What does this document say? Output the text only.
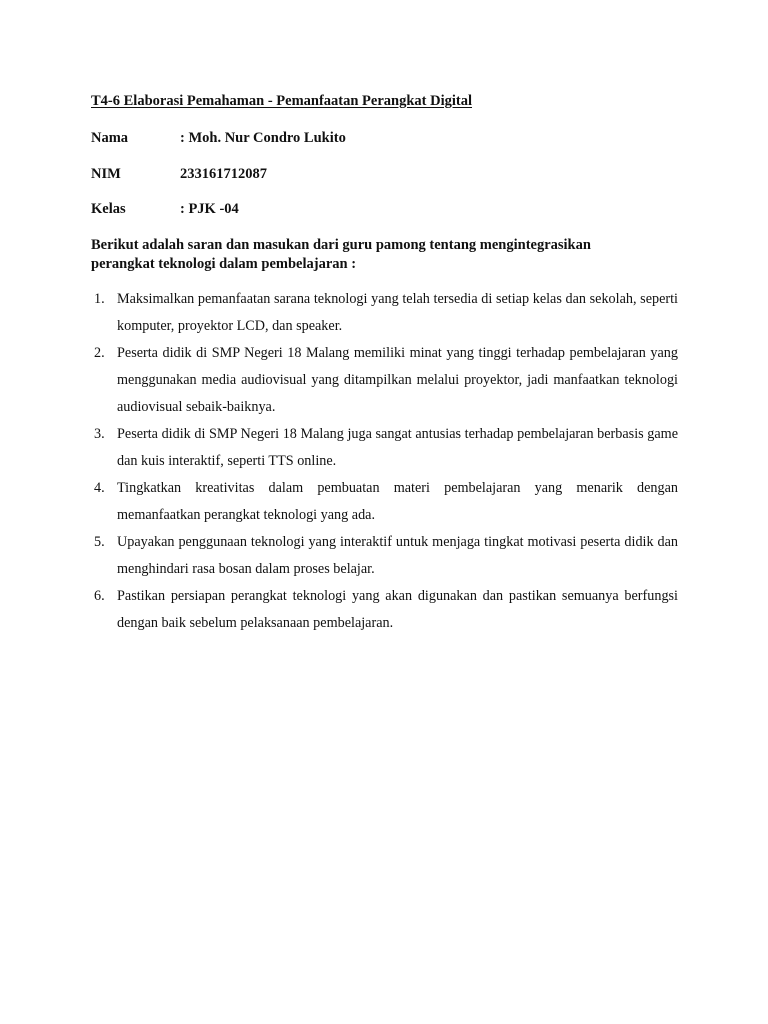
T4-6 Elaborasi Pemahaman - Pemanfaatan Perangkat Digital
Nama	: Moh. Nur Condro Lukito
NIM	233161712087
Kelas	: PJK -04
Berikut adalah saran dan masukan dari guru pamong tentang mengintegrasikan perangkat teknologi dalam pembelajaran :
1. Maksimalkan pemanfaatan sarana teknologi yang telah tersedia di setiap kelas dan sekolah, seperti komputer, proyektor LCD, dan speaker.
2. Peserta didik di SMP Negeri 18 Malang memiliki minat yang tinggi terhadap pembelajaran yang menggunakan media audiovisual yang ditampilkan melalui proyektor, jadi manfaatkan teknologi audiovisual sebaik-baiknya.
3. Peserta didik di SMP Negeri 18 Malang juga sangat antusias terhadap pembelajaran berbasis game dan kuis interaktif, seperti TTS online.
4. Tingkatkan kreativitas dalam pembuatan materi pembelajaran yang menarik dengan memanfaatkan perangkat teknologi yang ada.
5. Upayakan penggunaan teknologi yang interaktif untuk menjaga tingkat motivasi peserta didik dan menghindari rasa bosan dalam proses belajar.
6. Pastikan persiapan perangkat teknologi yang akan digunakan dan pastikan semuanya berfungsi dengan baik sebelum pelaksanaan pembelajaran.
